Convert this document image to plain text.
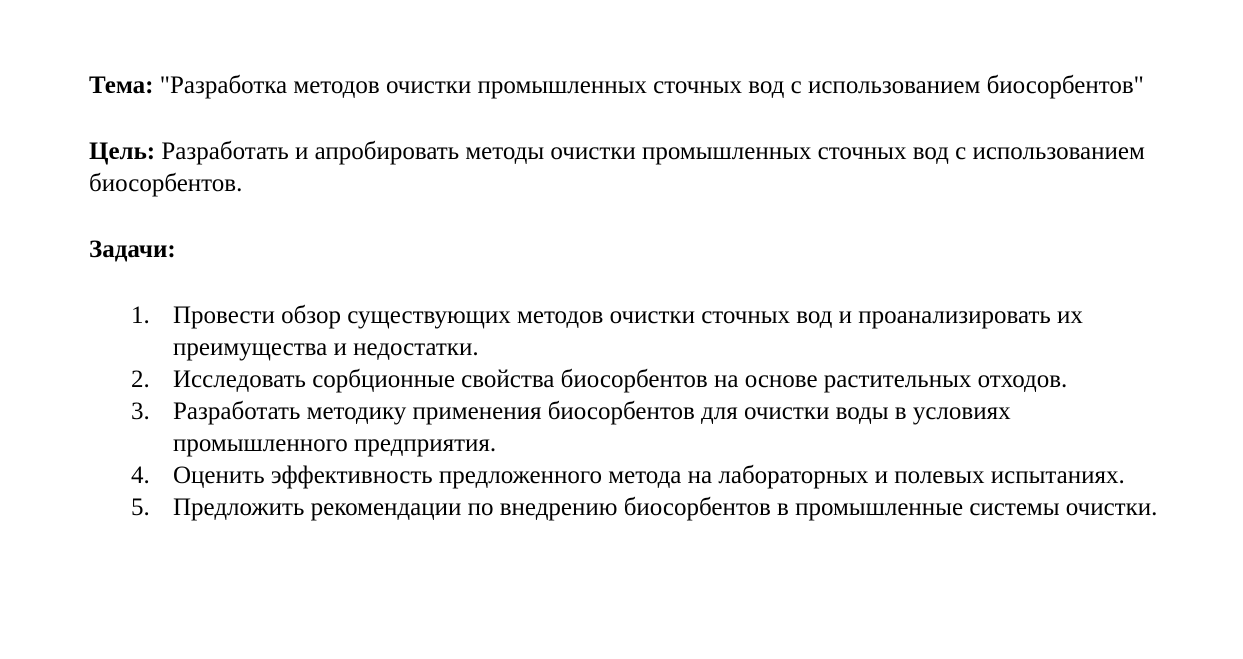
Тема: "Разработка методов очистки промышленных сточных вод с использованием биосорбентов"

Цель: Разработать и апробировать методы очистки промышленных сточных вод с использованием биосорбентов.

Задачи:

1. Провести обзор существующих методов очистки сточных вод и проанализировать их преимущества и недостатки.
2. Исследовать сорбционные свойства биосорбентов на основе растительных отходов.
3. Разработать методику применения биосорбентов для очистки воды в условиях промышленного предприятия.
4. Оценить эффективность предложенного метода на лабораторных и полевых испытаниях.
5. Предложить рекомендации по внедрению биосорбентов в промышленные системы очистки.
